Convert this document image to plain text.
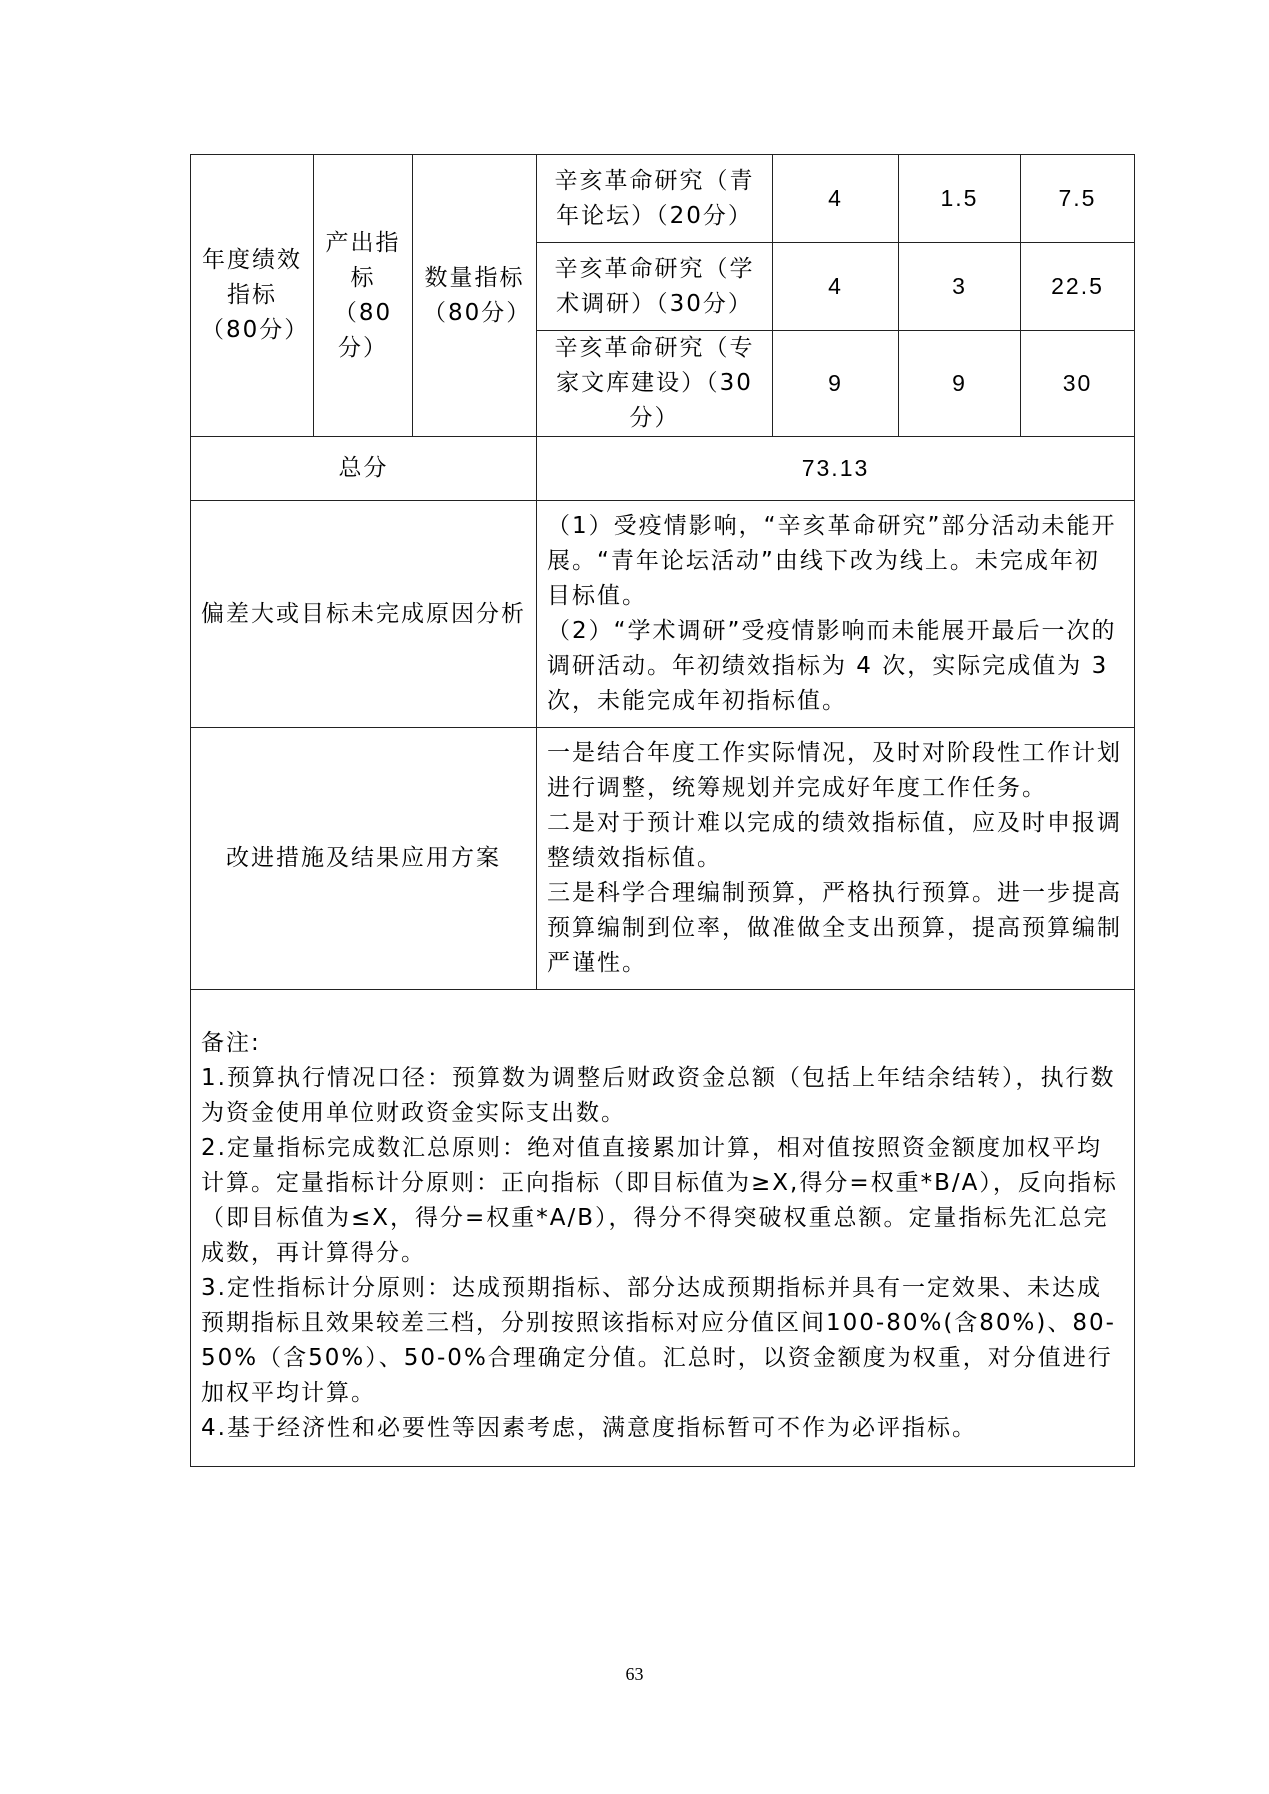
年度绩效指标（80分）	产出指标（80分）	数量指标（80分）	辛亥革命研究（青年论坛）（20分）	4	1.5	7.5
			辛亥革命研究（学术调研）（30分）	4	3	22.5
			辛亥革命研究（专家文库建设）（30分）	9	9	30
总分			73.13			
偏差大或目标未完成原因分析			（1）受疫情影响，“辛亥革命研究”部分活动未能开展。“青年论坛活动”由线下改为线上。未完成年初目标值。

（2）“学术调研”受疫情影响而未能展开最后一次的调研活动。年初绩效指标为 4 次，实际完成值为 3 次，未能完成年初指标值。			

改进措施及结果应用方案			一是结合年度工作实际情况，及时对阶段性工作计划进行调整，统筹规划并完成好年度工作任务。

二是对于预计难以完成的绩效指标值，应及时申报调整绩效指标值。

三是科学合理编制预算，严格执行预算。进一步提高预算编制到位率，做准做全支出预算，提高预算编制严谨性。			

备注:

1.预算执行情况口径：预算数为调整后财政资金总额（包括上年结余结转），执行数为资金使用单位财政资金实际支出数。

2.定量指标完成数汇总原则：绝对值直接累加计算，相对值按照资金额度加权平均计算。定量指标计分原则：正向指标（即目标值为≥X,得分=权重*B/A），反向指标（即目标值为≤X，得分=权重*A/B），得分不得突破权重总额。定量指标先汇总完成数，再计算得分。

3.定性指标计分原则：达成预期指标、部分达成预期指标并具有一定效果、未达成预期指标且效果较差三档，分别按照该指标对应分值区间100-80%(含80%)、80-50%（含50%）、50-0%合理确定分值。汇总时，以资金额度为权重，对分值进行加权平均计算。

4.基于经济性和必要性等因素考虑，满意度指标暂可不作为必评指标。						

63
